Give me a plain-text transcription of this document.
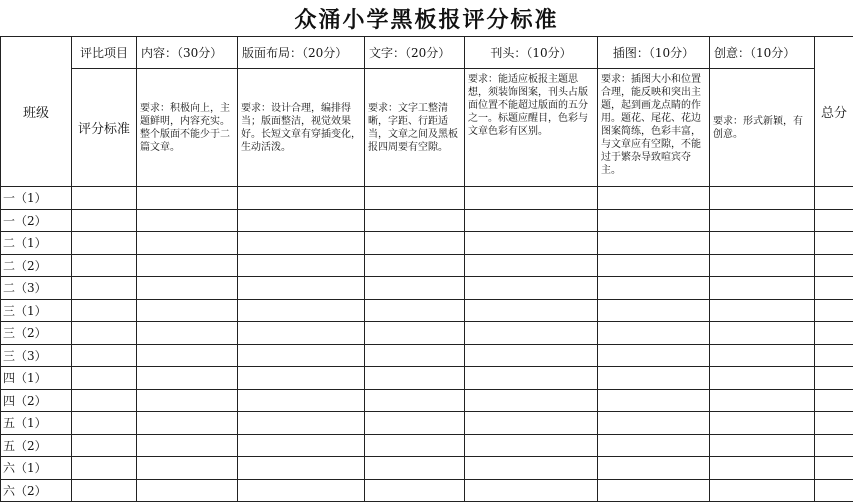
众涌小学黑板报评分标准
班级	评比项目	内容：（30分）	版面布局：（20分）	文字：（20分）	刊头：（10分）	插图：（10分）	创意：（10分）	总分
	评分标准	要求：积极向上，主题鲜明，内容充实。整个版面不能少于二篇文章。	要求：设计合理，编排得当；版面整洁，视觉效果好。长短文章有穿插变化，生动活泼。	要求：文字工整清晰，字距、行距适当，文章之间及黑板报四周要有空隙。	要求：能适应板报主题思想，须装饰图案，刊头占版面位置不能超过版面的五分之一。标题应醒目，色彩与文章色彩有区别。	要求：插图大小和位置合理，能反映和突出主题，起到画龙点睛的作用。题花、尾花、花边图案简练，色彩丰富，与文章应有空隙，不能过于繁杂导致喧宾夺主。	要求：形式新颖，有创意。	
一（1）								
一（2）								
二（1）								
二（2）								
二（3）								
三（1）								
三（2）								
三（3）								
四（1）								
四（2）								
五（1）								
五（2）								
六（1）								
六（2）								
